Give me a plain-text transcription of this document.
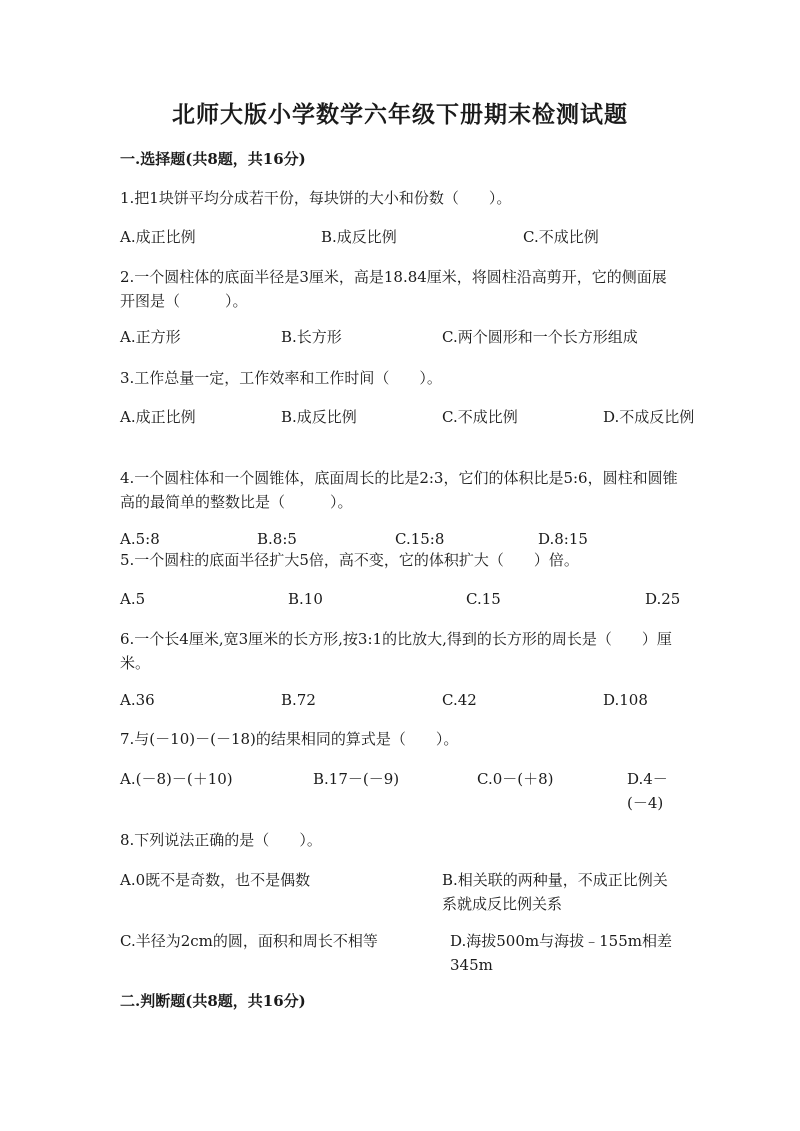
北师大版小学数学六年级下册期末检测试题
一.选择题(共8题，共16分)
1.把1块饼平均分成若干份，每块饼的大小和份数（　　）。
A.成正比例	B.成反比例	C.不成比例
2.一个圆柱体的底面半径是3厘米，高是18.84厘米，将圆柱沿高剪开，它的侧面展开图是（　　　）。
A.正方形	B.长方形	C.两个圆形和一个长方形组成
3.工作总量一定，工作效率和工作时间（　　）。
A.成正比例	B.成反比例	C.不成比例	D.不成反比例
4.一个圆柱体和一个圆锥体，底面周长的比是2:3，它们的体积比是5:6，圆柱和圆锥高的最简单的整数比是（　　　）。
A.5:8	B.8:5	C.15:8	D.8:15
5.一个圆柱的底面半径扩大5倍，高不变，它的体积扩大（　　）倍。
A.5	B.10	C.15	D.25
6.一个长4厘米,宽3厘米的长方形,按3:1的比放大,得到的长方形的周长是（　　）厘米。
A.36	B.72	C.42	D.108
7.与(－10)－(－18)的结果相同的算式是（　　）。
A.(－8)－(＋10)	B.17－(－9)	C.0－(＋8)	D.4－(－4)
8.下列说法正确的是（　　）。
A.0既不是奇数，也不是偶数	B.相关联的两种量，不成正比例关系就成反比例关系
C.半径为2cm的圆，面积和周长不相等	D.海拔500m与海拔﹣155m相差345m
二.判断题(共8题，共16分)
